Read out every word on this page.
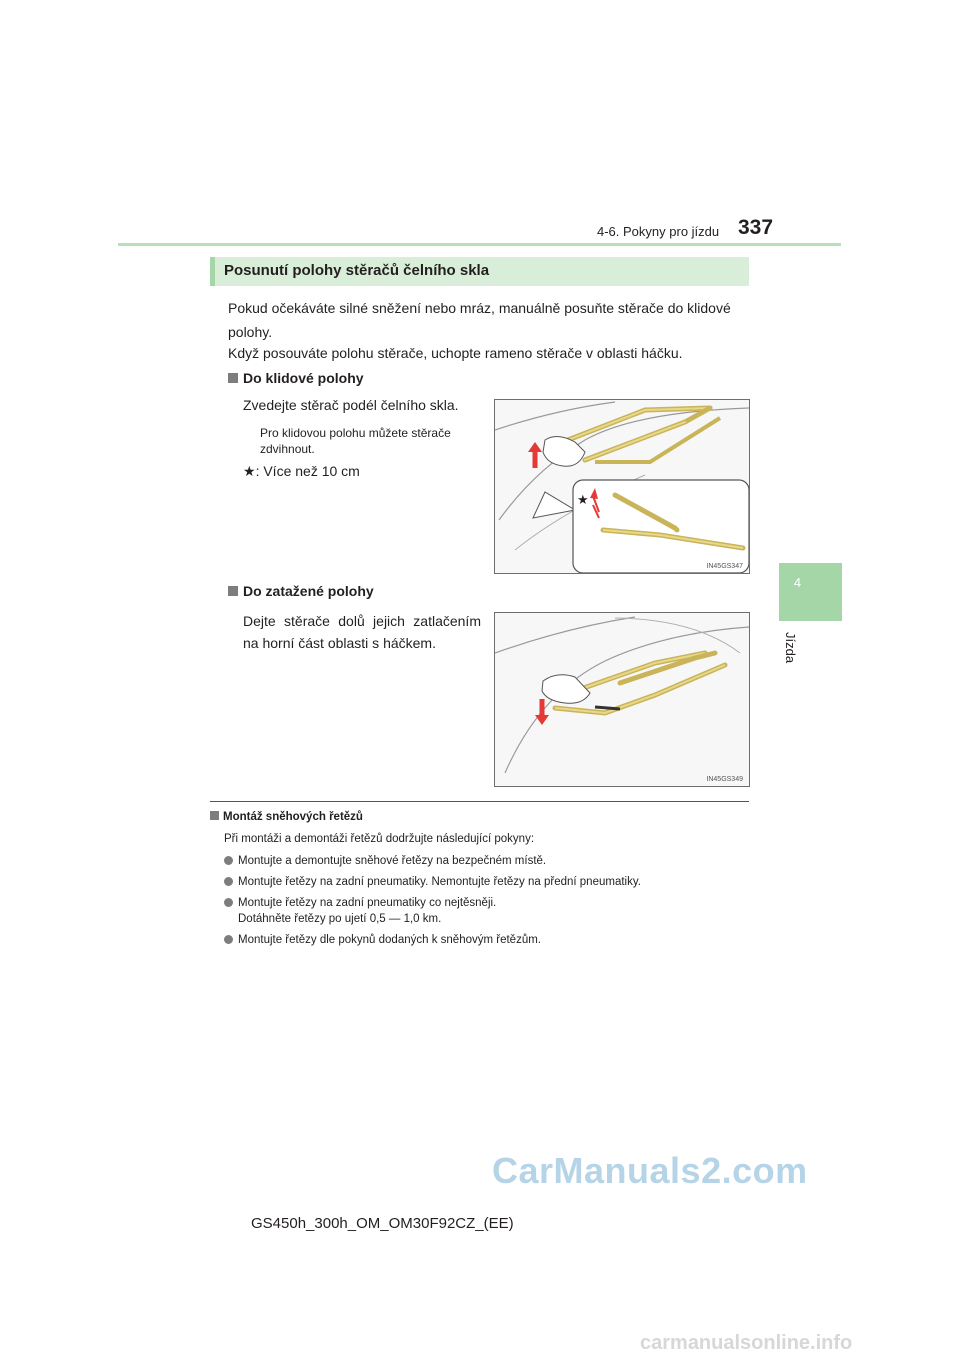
4-6. Pokyny pro jízdu 337
4
Jízda
Posunutí polohy stěračů čelního skla
Pokud očekáváte silné sněžení nebo mráz, manuálně posuňte stěrače do klidové polohy.
Když posouváte polohu stěrače, uchopte rameno stěrače v oblasti háčku.
Do klidové polohy
Zvedejte stěrač podél čelního skla.
Pro klidovou polohu můžete stěrače zdvihnout.
★: Více než 10 cm
★
IN45GS347
Do zatažené polohy
Dejte stěrače dolů jejich zatlačením na horní část oblasti s háčkem.
IN45GS349
Montáž sněhových řetězů
Při montáži a demontáži řetězů dodržujte následující pokyny:
Montujte a demontujte sněhové řetězy na bezpečném místě.
Montujte řetězy na zadní pneumatiky. Nemontujte řetězy na přední pneumatiky.
Montujte řetězy na zadní pneumatiky co nejtěsněji.
Dotáhněte řetězy po ujetí 0,5 — 1,0 km.
Montujte řetězy dle pokynů dodaných k sněhovým řetězům.
CarManuals2.com
GS450h_300h_OM_OM30F92CZ_(EE)
carmanualsonline.info
